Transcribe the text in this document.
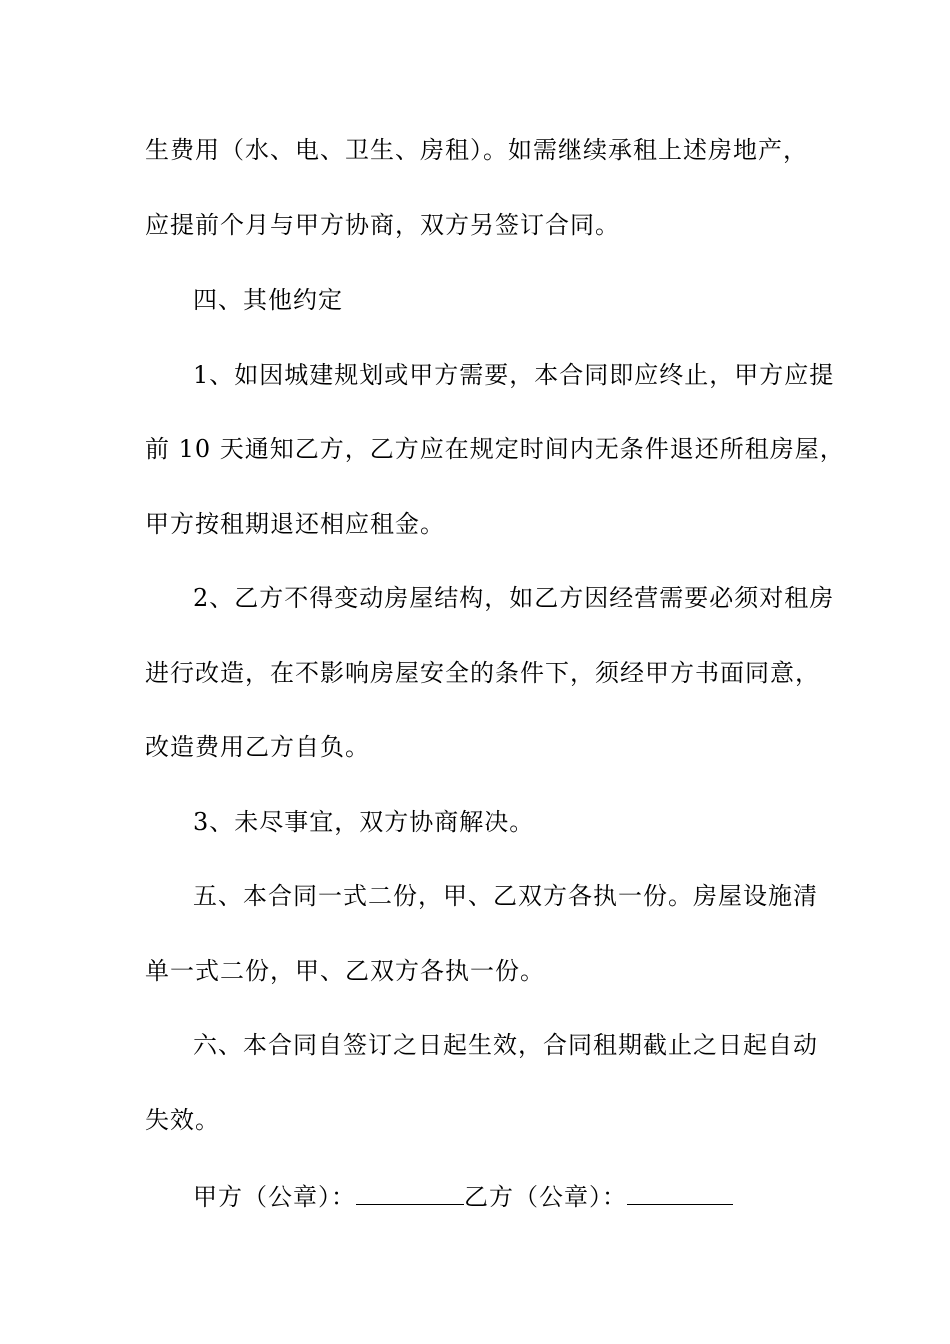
生费用（水、电、卫生、房租）。如需继续承租上述房地产，

应提前个月与甲方协商，双方另签订合同。

四、其他约定

1、如因城建规划或甲方需要，本合同即应终止，甲方应提

前 10 天通知乙方，乙方应在规定时间内无条件退还所租房屋，

甲方按租期退还相应租金。

2、乙方不得变动房屋结构，如乙方因经营需要必须对租房

进行改造，在不影响房屋安全的条件下，须经甲方书面同意，

改造费用乙方自负。

3、未尽事宜，双方协商解决。

五、本合同一式二份，甲、乙双方各执一份。房屋设施清

单一式二份，甲、乙双方各执一份。

六、本合同自签订之日起生效，合同租期截止之日起自动

失效。

甲方（公章）：	乙方（公章）：
